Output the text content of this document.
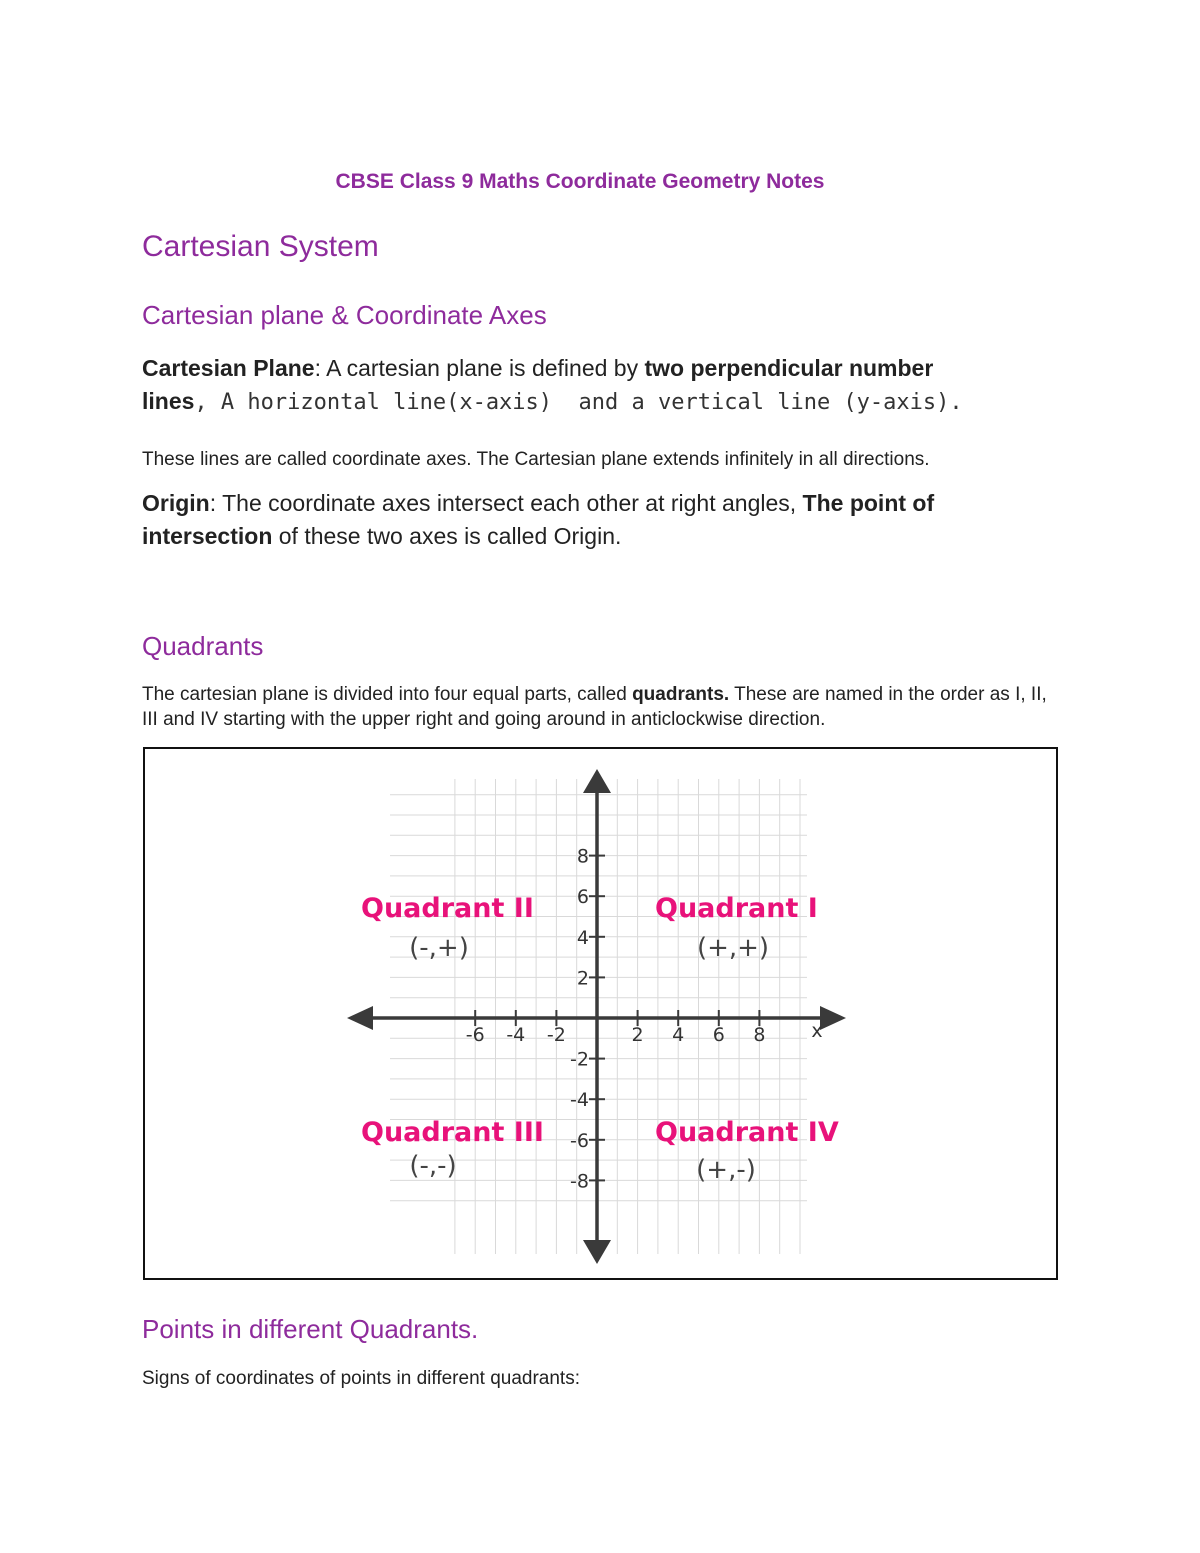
CBSE Class 9 Maths Coordinate Geometry Notes
Cartesian System
Cartesian plane & Coordinate Axes
Cartesian Plane: A cartesian plane is defined by two perpendicular number lines, A horizontal line(x-axis)  and a vertical line (y-axis).
These lines are called coordinate axes. The Cartesian plane extends infinitely in all directions.
Origin: The coordinate axes intersect each other at right angles, The point of intersection of these two axes is called Origin.
Quadrants
The cartesian plane is divided into four equal parts, called quadrants. These are named in the order as I, II, III and IV starting with the upper right and going around in anticlockwise direction.
-6 -4 -2	2 4 6 8 x
8
6
4
2
-2
-4
-6
-8
Quadrant I
(+,+)
Quadrant II
(-,+)
Quadrant III
(-,-)
Quadrant IV
(+,-)
Points in different Quadrants.
Signs of coordinates of points in different quadrants:
